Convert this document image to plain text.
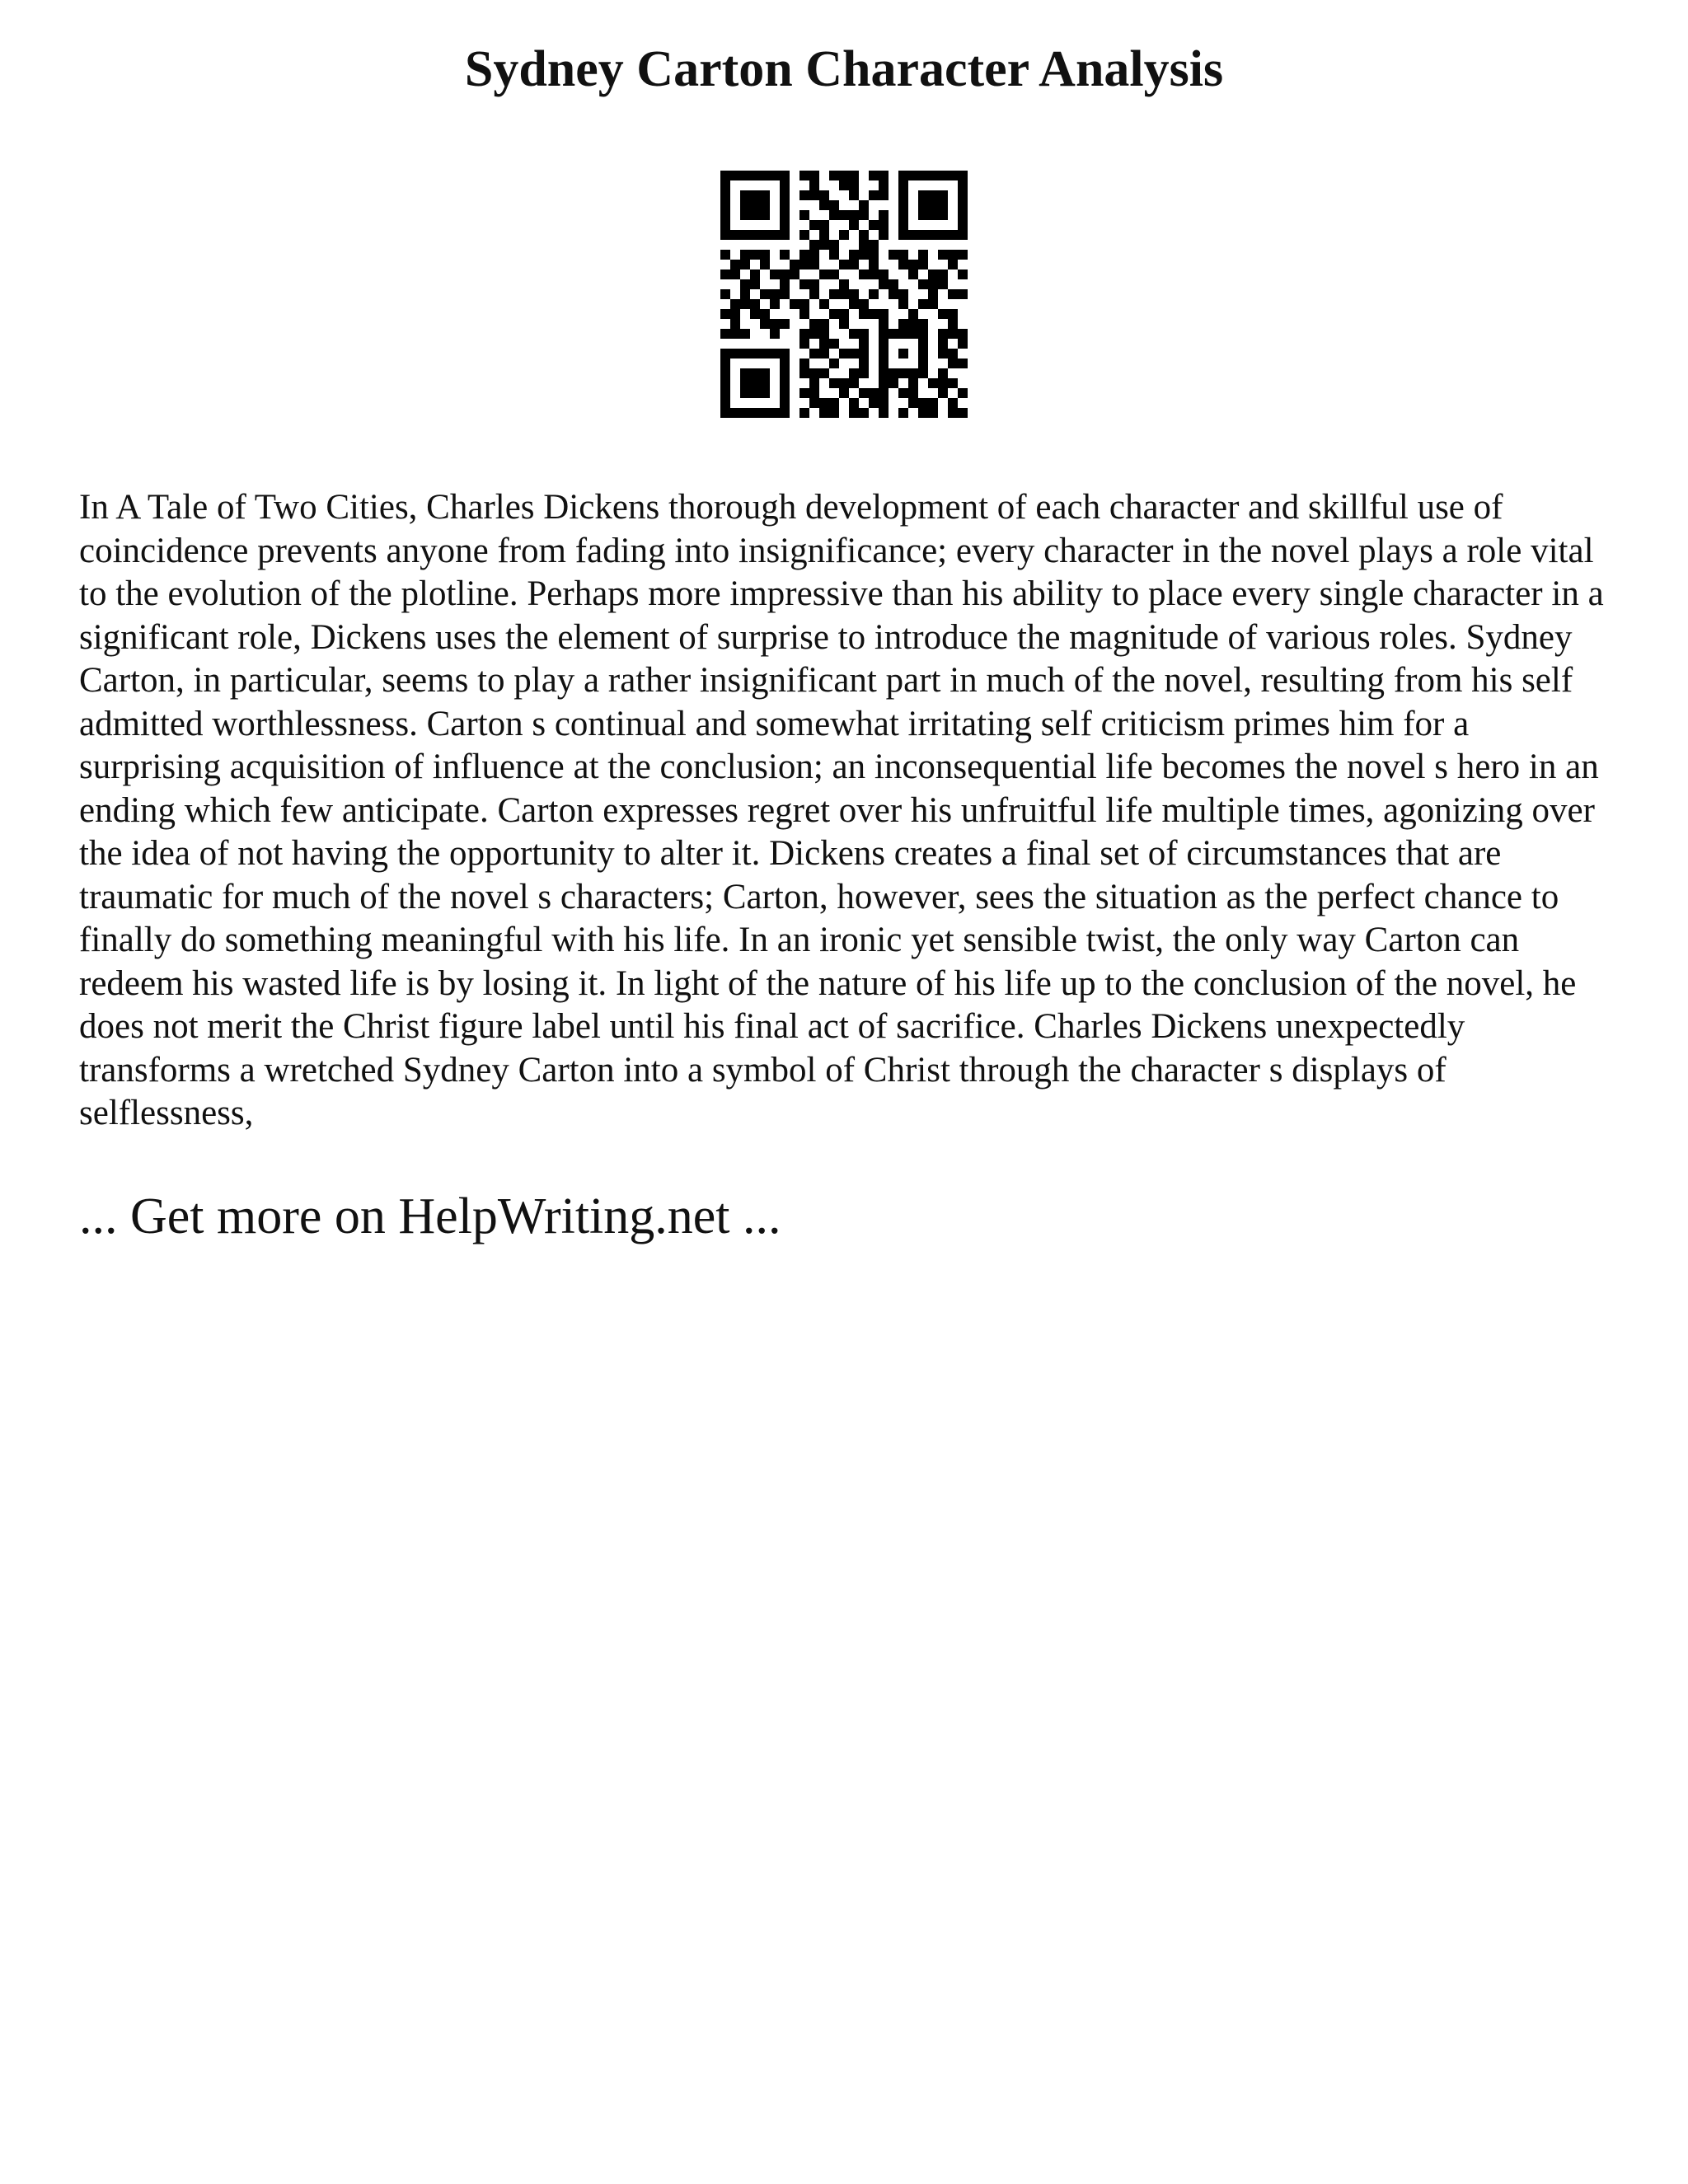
Sydney Carton Character Analysis

In A Tale of Two Cities, Charles Dickens thorough development of each character and skillful use of coincidence prevents anyone from fading into insignificance; every character in the novel plays a role vital to the evolution of the plotline. Perhaps more impressive than his ability to place every single character in a significant role, Dickens uses the element of surprise to introduce the magnitude of various roles. Sydney Carton, in particular, seems to play a rather insignificant part in much of the novel, resulting from his self admitted worthlessness. Carton s continual and somewhat irritating self criticism primes him for a surprising acquisition of influence at the conclusion; an inconsequential life becomes the novel s hero in an ending which few anticipate. Carton expresses regret over his unfruitful life multiple times, agonizing over the idea of not having the opportunity to alter it. Dickens creates a final set of circumstances that are traumatic for much of the novel s characters; Carton, however, sees the situation as the perfect chance to finally do something meaningful with his life. In an ironic yet sensible twist, the only way Carton can redeem his wasted life is by losing it. In light of the nature of his life up to the conclusion of the novel, he does not merit the Christ figure label until his final act of sacrifice. Charles Dickens unexpectedly transforms a wretched Sydney Carton into a symbol of Christ through the character s displays of selflessness,

... Get more on HelpWriting.net ...
